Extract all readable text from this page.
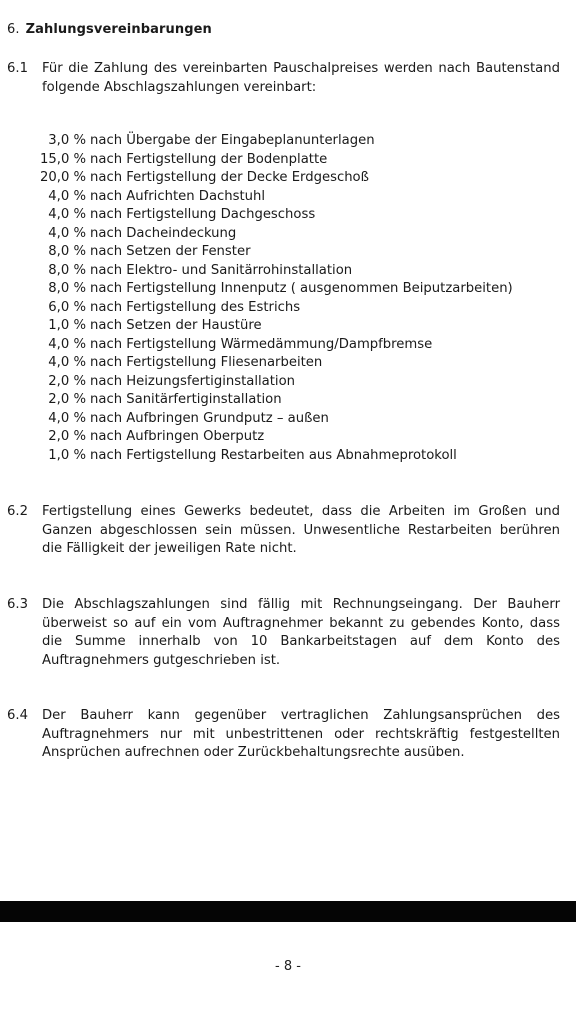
6. Zahlungsvereinbarungen
6.1 Für die Zahlung des vereinbarten Pauschalpreises werden nach Bautenstand folgende Abschlagszahlungen vereinbart:
3,0 % nach Übergabe der Eingabeplanunterlagen
15,0 % nach Fertigstellung der Bodenplatte
20,0 % nach Fertigstellung der Decke Erdgeschoß
4,0 % nach Aufrichten Dachstuhl
4,0 % nach Fertigstellung Dachgeschoss
4,0 % nach Dacheindeckung
8,0 % nach Setzen der Fenster
8,0 % nach Elektro- und Sanitärrohinstallation
8,0 % nach Fertigstellung Innenputz ( ausgenommen Beiputzarbeiten)
6,0 % nach Fertigstellung des Estrichs
1,0 % nach Setzen der Haustüre
4,0 % nach Fertigstellung Wärmedämmung/Dampfbremse
4,0 % nach Fertigstellung Fliesenarbeiten
2,0 % nach Heizungsfertiginstallation
2,0 % nach Sanitärfertiginstallation
4,0 % nach Aufbringen Grundputz – außen
2,0 % nach Aufbringen Oberputz
1,0 % nach Fertigstellung Restarbeiten aus Abnahmeprotokoll
6.2 Fertigstellung eines Gewerks bedeutet, dass die Arbeiten im Großen und Ganzen abgeschlossen sein müssen. Unwesentliche Restarbeiten berühren die Fälligkeit der jeweiligen Rate nicht.
6.3 Die Abschlagszahlungen sind fällig mit Rechnungseingang. Der Bauherr überweist so auf ein vom Auftragnehmer bekannt zu gebendes Konto, dass die Summe innerhalb von 10 Bankarbeitstagen auf dem Konto des Auftragnehmers gutgeschrieben ist.
6.4 Der Bauherr kann gegenüber vertraglichen Zahlungsansprüchen des Auftragnehmers nur mit unbestrittenen oder rechtskräftig festgestellten Ansprüchen aufrechnen oder Zurückbehaltungsrechte ausüben.
- 8 -
